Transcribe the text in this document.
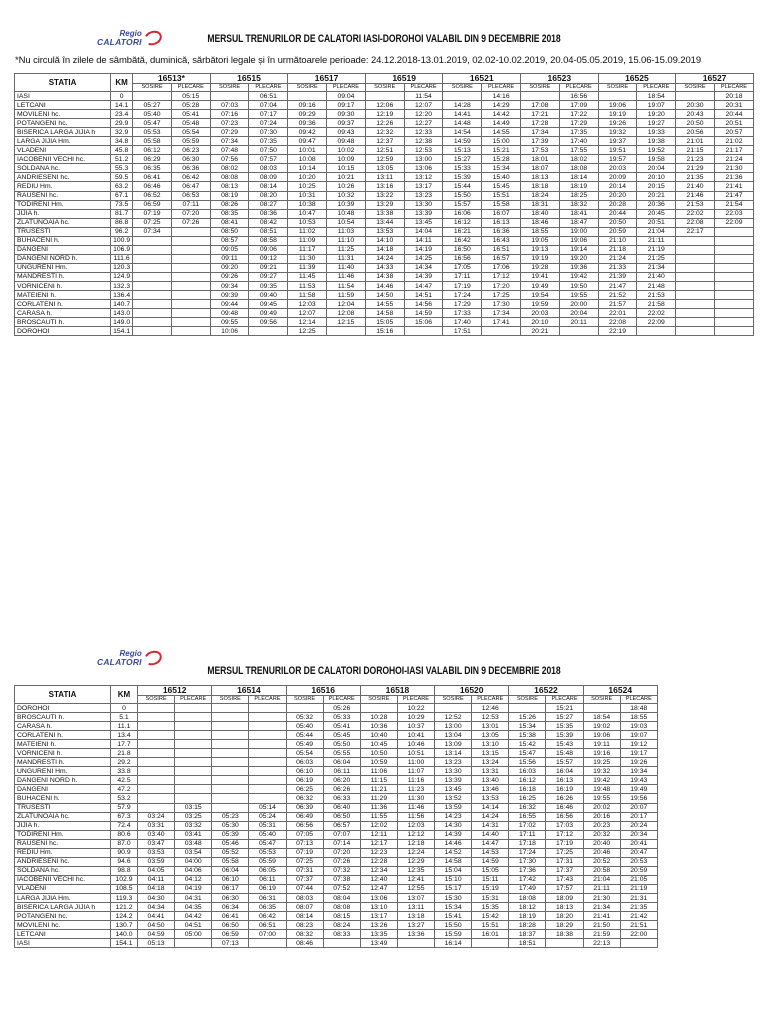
Regio
CALATORI	MERSUL TRENURILOR DE CALATORI IASI-DOROHOI VALABIL DIN 9 DECEMBRIE 2018
*Nu circulă în zilele de sâmbătă, duminică, sărbători legale și în următoarele perioade: 24.12.2018-13.01.2019, 02.02-10.02.2019, 20.04-05.05.2019, 15.06-15.09.2019
STATIA	KM	16513*		16515		16517		16519		16521		16523		16525		16527	
		SOSIRE	PLECARE	SOSIRE	PLECARE	SOSIRE	PLECARE	SOSIRE	PLECARE	SOSIRE	PLECARE	SOSIRE	PLECARE	SOSIRE	PLECARE	SOSIRE	PLECARE
IASI	0		05:15		06:51		09:04		11:54		14:16		16:56		18:54		20:18
LETCANI	14.1	05:27	05:28	07:03	07:04	09:16	09:17	12:06	12:07	14:28	14:29	17:08	17:09	19:06	19:07	20:30	20:31
MOVILENI hc.	23.4	05:40	05:41	07:16	07:17	09:29	09:30	12:19	12:20	14:41	14:42	17:21	17:22	19:19	19:20	20:43	20:44
POTANGENI hc.	29.9	05:47	05:48	07:23	07:24	09:36	09:37	12:26	12:27	14:48	14:49	17:28	17:29	19:26	19:27	20:50	20:51
BISERICA LARGA JIJIA h	32.9	05:53	05:54	07:29	07:30	09:42	09:43	12:32	12:33	14:54	14:55	17:34	17:35	19:32	19:33	20:56	20:57
LARGA JIJIA Hm.	34.8	05:58	05:59	07:34	07:35	09:47	09:48	12:37	12:38	14:59	15:00	17:39	17:40	19:37	19:38	21:01	21:02
VLADENI	45.8	06:12	06:23	07:48	07:50	10:01	10:02	12:51	12:53	15:13	15:21	17:53	17:55	19:51	19:52	21:15	21:17
IACOBENII VECHI hc.	51.2	06:29	06:30	07:56	07:57	10:08	10:09	12:59	13:00	15:27	15:28	18:01	18:02	19:57	19:58	21:23	21:24
SOLDANA hc.	55.3	06:35	06:36	08:02	08:03	10:14	10:15	13:05	13:06	15:33	15:34	18:07	18:08	20:03	20:04	21:29	21:30
ANDRIESENI hc.	59.5	06:41	06:42	08:08	08:09	10:20	10:21	13:11	13:12	15:39	15:40	18:13	18:14	20:09	20:10	21:35	21:36
REDIU Hm.	63.2	06:46	06:47	08:13	08:14	10:25	10:26	13:16	13:17	15:44	15:45	18:18	18:19	20:14	20:15	21:40	21:41
RAUSENI hc.	67.1	06:52	06:53	08:19	08:20	10:31	10:32	13:22	13:23	15:50	15:51	18:24	18:25	20:20	20:21	21:46	21:47
TODIRENI Hm.	73.5	06:59	07:11	08:26	08:27	10:38	10:39	13:29	13:30	15:57	15:58	18:31	18:32	20:28	20:36	21:53	21:54
JIJIA h.	81.7	07:19	07:20	08:35	08:36	10:47	10:48	13:38	13:39	16:06	16:07	18:40	18:41	20:44	20:45	22:02	22:03
ZLATUNOAIA hc.	86.8	07:25	07:26	08:41	08:42	10:53	10:54	13:44	13:45	16:12	16:13	18:46	18:47	20:50	20:51	22:08	22:09
TRUSESTI	96.2	07:34		08:50	08:51	11:02	11:03	13:53	14:04	16:21	16:36	18:55	19:00	20:59	21:04	22:17	
BUHACENI h.	100.9			08:57	08:58	11:09	11:10	14:10	14:11	16:42	16:43	19:05	19:06	21:10	21:11		
DANGENI	106.9			09:05	09:06	11:17	11:25	14:18	14:19	16:50	16:51	19:13	19:14	21:18	21:19		
DANGENI NORD h.	111.6			09:11	09:12	11:30	11:31	14:24	14:25	16:56	16:57	19:19	19:20	21:24	21:25		
UNGURENI Hm.	120.3			09:20	09:21	11:39	11:40	14:33	14:34	17:05	17:06	19:28	19:36	21:33	21:34		
MANDRESTI h.	124.9			09:26	09:27	11:45	11:46	14:38	14:39	17:11	17:12	19:41	19:42	21:39	21:40		
VORNICENI h.	132.3			09:34	09:35	11:53	11:54	14:46	14:47	17:19	17:20	19:49	19:50	21:47	21:48		
MATEIENI h.	136.4			09:39	09:40	11:58	11:59	14:50	14:51	17:24	17:25	19:54	19:55	21:52	21:53		
CORLATENI h.	140.7			09:44	09:45	12:03	12:04	14:55	14:56	17:29	17:30	19:59	20:00	21:57	21:58		
CARASA h.	143.0			09:48	09:49	12:07	12:08	14:58	14:59	17:33	17:34	20:03	20:04	22:01	22:02		
BROSCAUTI h.	149.0			09:55	09:56	12:14	12:15	15:05	15:06	17:40	17:41	20:10	20:11	22:08	22:09		
DOROHOI	154.1			10:06		12:25		15:16		17:51		20:21		22:19			
Regio
CALATORI
MERSUL TRENURILOR DE CALATORI DOROHOI-IASI VALABIL DIN 9 DECEMBRIE 2018
STATIA	KM	16512		16514		16516		16518		16520		16522		16524	
		SOSIRE	PLECARE	SOSIRE	PLECARE	SOSIRE	PLECARE	SOSIRE	PLECARE	SOSIRE	PLECARE	SOSIRE	PLECARE	SOSIRE	PLECARE
DOROHOI	0						05:26		10:22		12:46		15:21		18:48
BROSCAUTI h.	5.1					05:32	05:33	10:28	10:29	12:52	12:53	15:26	15:27	18:54	18:55
CARASA h.	11.1					05:40	05:41	10:36	10:37	13:00	13:01	15:34	15:35	19:02	19:03
CORLATENI h.	13.4					05:44	05:45	10:40	10:41	13:04	13:05	15:38	15:39	19:06	19:07
MATEIENI h.	17.7					05:49	05:50	10:45	10:46	13:09	13:10	15:42	15:43	19:11	19:12
VORNICENI h.	21.8					05:54	05:55	10:50	10:51	13:14	13:15	15:47	15:48	19:16	19:17
MANDRESTI h.	29.2					06:03	06:04	10:59	11:00	13:23	13:24	15:56	15:57	19:25	19:26
UNGURENI Hm.	33.8					06:10	06:11	11:06	11:07	13:30	13:31	16:03	16:04	19:32	19:34
DANGENI NORD h.	42.5					06:19	06:20	11:15	11:16	13:39	13:40	16:12	16:13	19:42	19:43
DANGENI	47.2					06:25	06:26	11:21	11:23	13:45	13:46	16:18	16:19	19:48	19:49
BUHACENI h.	53.2					06:32	06:33	11:29	11:30	13:52	13:53	16:25	16:26	19:55	19:56
TRUSESTI	57.9		03:15		05:14	06:39	06:40	11:36	11:46	13:59	14:14	16:32	16:46	20:02	20:07
ZLATUNOAIA hc.	67.3	03:24	03:25	05:23	05:24	06:49	06:50	11:55	11:56	14:23	14:24	16:55	16:56	20:16	20:17
JIJIA h.	72.4	03:31	03:32	05:30	05:31	06:56	06:57	12:02	12:03	14:30	14:31	17:02	17:03	20:23	20:24
TODIRENI Hm.	80.6	03:40	03:41	05:39	05:40	07:05	07:07	12:11	12:12	14:39	14:40	17:11	17:12	20:32	20:34
RAUSENI hc.	87.0	03:47	03:48	05:46	05:47	07:13	07:14	12:17	12:18	14:46	14:47	17:18	17:19	20:40	20:41
REDIU Hm.	90.9	03:53	03:54	05:52	05:53	07:19	07:20	12:23	12:24	14:52	14:53	17:24	17:25	20:46	20:47
ANDRIESENI hc.	94.6	03:59	04:00	05:58	05:59	07:25	07:26	12:28	12:29	14:58	14:59	17:30	17:31	20:52	20:53
SOLDANA hc.	98.8	04:05	04:06	06:04	06:05	07:31	07:32	12:34	12:35	15:04	15:05	17:36	17:37	20:58	20:59
IACOBENII VECHI hc.	102.9	04:11	04:12	06:10	06:11	07:37	07:38	12:40	12:41	15:10	15:11	17:42	17:43	21:04	21:05
VLADENI	108.5	04:18	04:19	06:17	06:19	07:44	07:52	12:47	12:55	15:17	15:19	17:49	17:57	21:11	21:19
LARGA JIJIA Hm.	119.3	04:30	04:31	06:30	06:31	08:03	08:04	13:06	13:07	15:30	15:31	18:08	18:09	21:30	21:31
BISERICA LARGA JIJIA h	121.2	04:34	04:35	06:34	06:35	08:07	08:08	13:10	13:11	15:34	15:35	18:12	18:13	21:34	21:35
POTANGENI hc.	124.2	04:41	04:42	06:41	06:42	08:14	08:15	13:17	13:18	15:41	15:42	18:19	18:20	21:41	21:42
MOVILENI hc.	130.7	04:50	04:51	06:50	06:51	08:23	08:24	13:26	13:27	15:50	15:51	18:28	18:29	21:50	21:51
LETCANI	140.0	04:59	05:00	06:59	07:00	08:32	08:33	13:35	13:36	15:59	16:01	18:37	18:38	21:59	22:00
IASI	154.1	05:13		07:13		08:46		13:49		16:14		18:51		22:13	
